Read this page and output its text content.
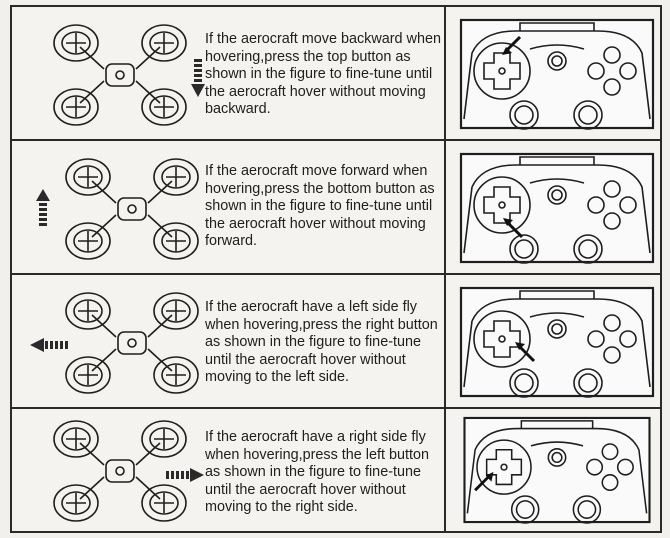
If the aerocraft move backward when hovering,press the top button as shown in the figure to fine-tune until the aerocraft hover without moving backward.

If the aerocraft move forward when hovering,press the bottom button as shown in the figure to fine-tune until the aerocraft hover without moving forward.

If the aerocraft have a left side fly when hovering,press the right button as shown in the figure to fine-tune until the aerocraft hover without moving to the left side.

If the aerocraft have a right side fly when hovering,press the left button as shown in the figure to fine-tune until the aerocraft hover without moving to the right side.
